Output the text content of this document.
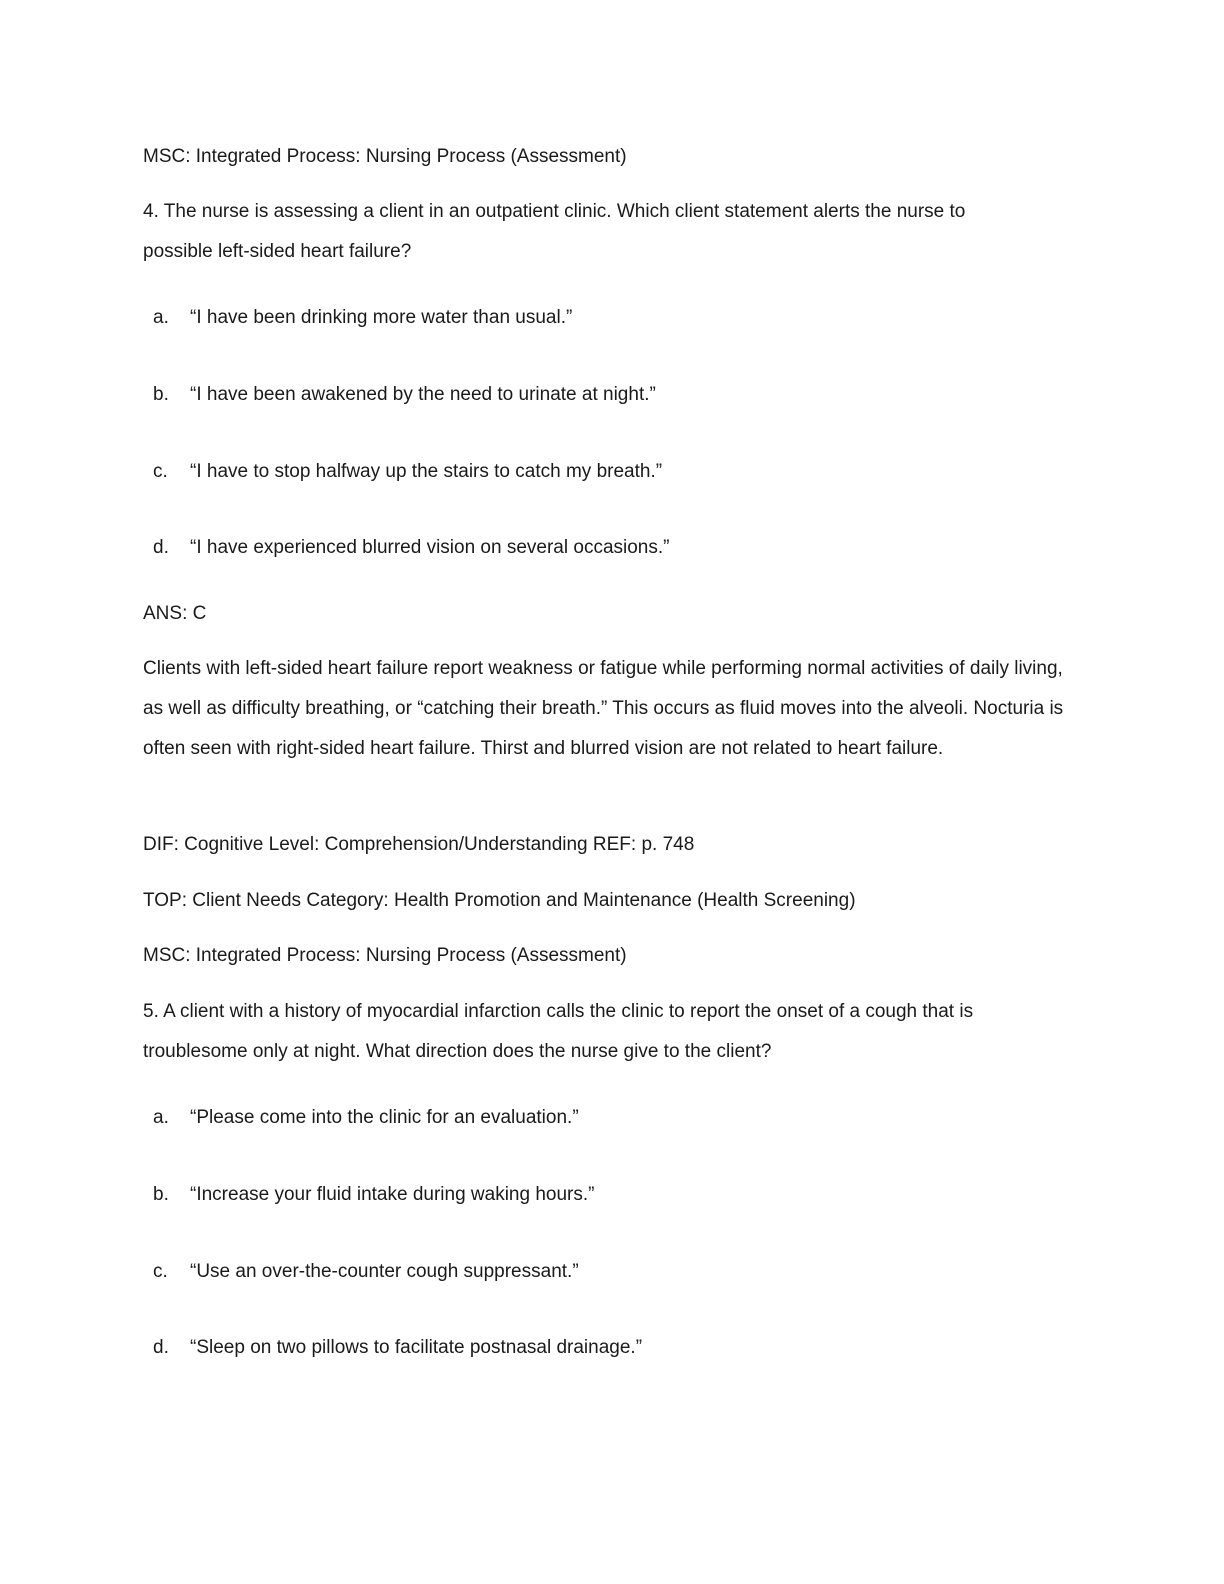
MSC: Integrated Process: Nursing Process (Assessment)
4. The nurse is assessing a client in an outpatient clinic. Which client statement alerts the nurse to
possible left-sided heart failure?
a. “I have been drinking more water than usual.”
b. “I have been awakened by the need to urinate at night.”
c. “I have to stop halfway up the stairs to catch my breath.”
d. “I have experienced blurred vision on several occasions.”
ANS: C
Clients with left-sided heart failure report weakness or fatigue while performing normal activities of daily living, as well as difficulty breathing, or “catching their breath.” This occurs as fluid moves into the alveoli. Nocturia is often seen with right-sided heart failure. Thirst and blurred vision are not related to heart failure.
DIF: Cognitive Level: Comprehension/Understanding REF: p. 748
TOP: Client Needs Category: Health Promotion and Maintenance (Health Screening)
MSC: Integrated Process: Nursing Process (Assessment)
5. A client with a history of myocardial infarction calls the clinic to report the onset of a cough that is
troublesome only at night. What direction does the nurse give to the client?
a. “Please come into the clinic for an evaluation.”
b. “Increase your fluid intake during waking hours.”
c. “Use an over-the-counter cough suppressant.”
d. “Sleep on two pillows to facilitate postnasal drainage.”
